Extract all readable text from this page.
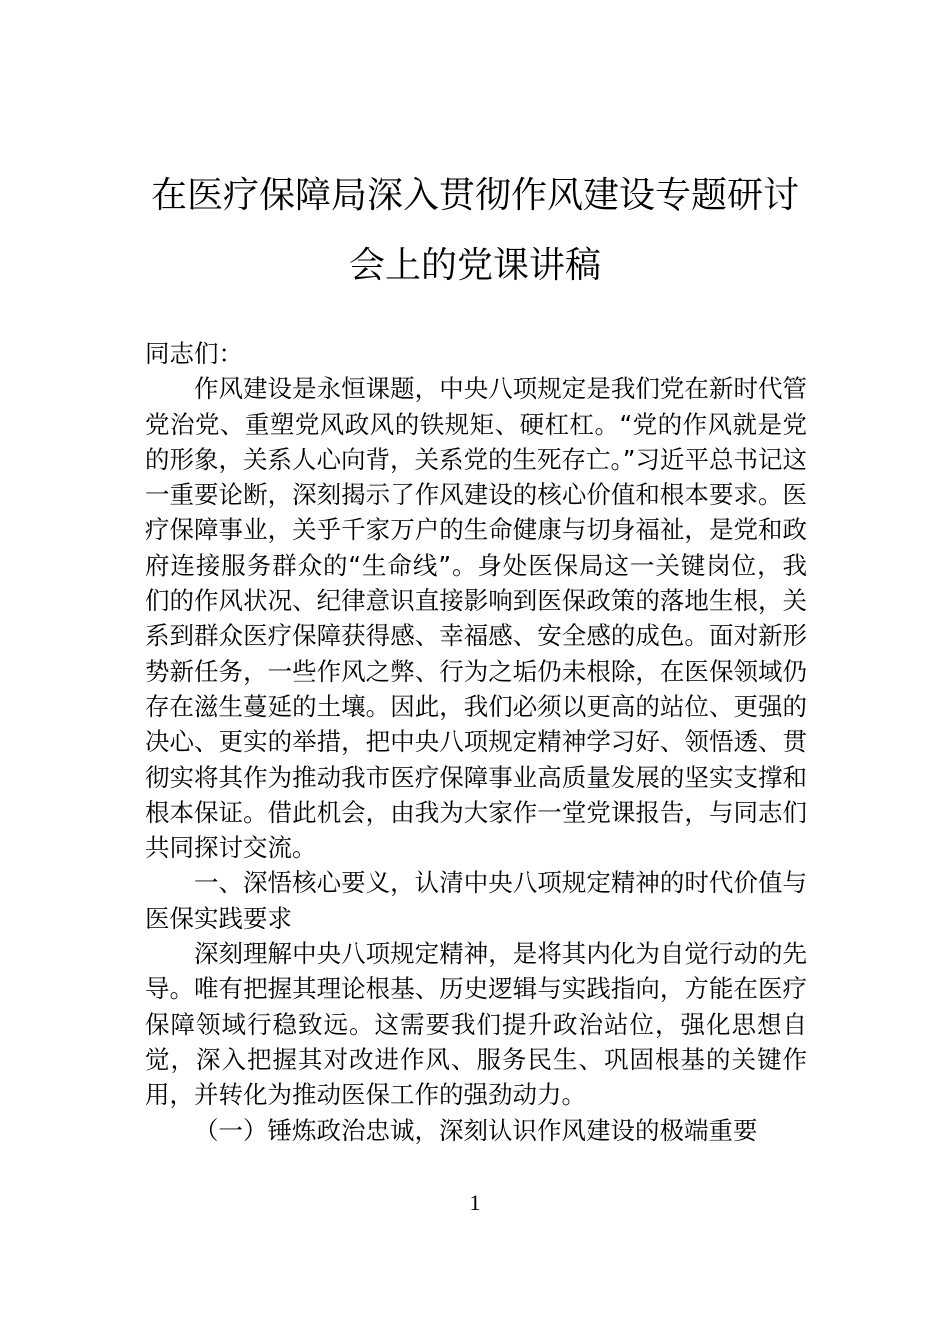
在医疗保障局深入贯彻作风建设专题研讨
会上的党课讲稿

同志们：

作风建设是永恒课题，中央八项规定是我们党在新时代管党治党、重塑党风政风的铁规矩、硬杠杠。“党的作风就是党的形象，关系人心向背，关系党的生死存亡。”习近平总书记这一重要论断，深刻揭示了作风建设的核心价值和根本要求。医疗保障事业，关乎千家万户的生命健康与切身福祉，是党和政府连接服务群众的“生命线”。身处医保局这一关键岗位，我们的作风状况、纪律意识直接影响到医保政策的落地生根，关系到群众医疗保障获得感、幸福感、安全感的成色。面对新形势新任务，一些作风之弊、行为之垢仍未根除，在医保领域仍存在滋生蔓延的土壤。因此，我们必须以更高的站位、更强的决心、更实的举措，把中央八项规定精神学习好、领悟透、贯彻实将其作为推动我市医疗保障事业高质量发展的坚实支撑和根本保证。借此机会，由我为大家作一堂党课报告，与同志们共同探讨交流。

一、深悟核心要义，认清中央八项规定精神的时代价值与医保实践要求

深刻理解中央八项规定精神，是将其内化为自觉行动的先导。唯有把握其理论根基、历史逻辑与实践指向，方能在医疗保障领域行稳致远。这需要我们提升政治站位，强化思想自觉，深入把握其对改进作风、服务民生、巩固根基的关键作用，并转化为推动医保工作的强劲动力。

（一）锤炼政治忠诚，深刻认识作风建设的极端重要

1
